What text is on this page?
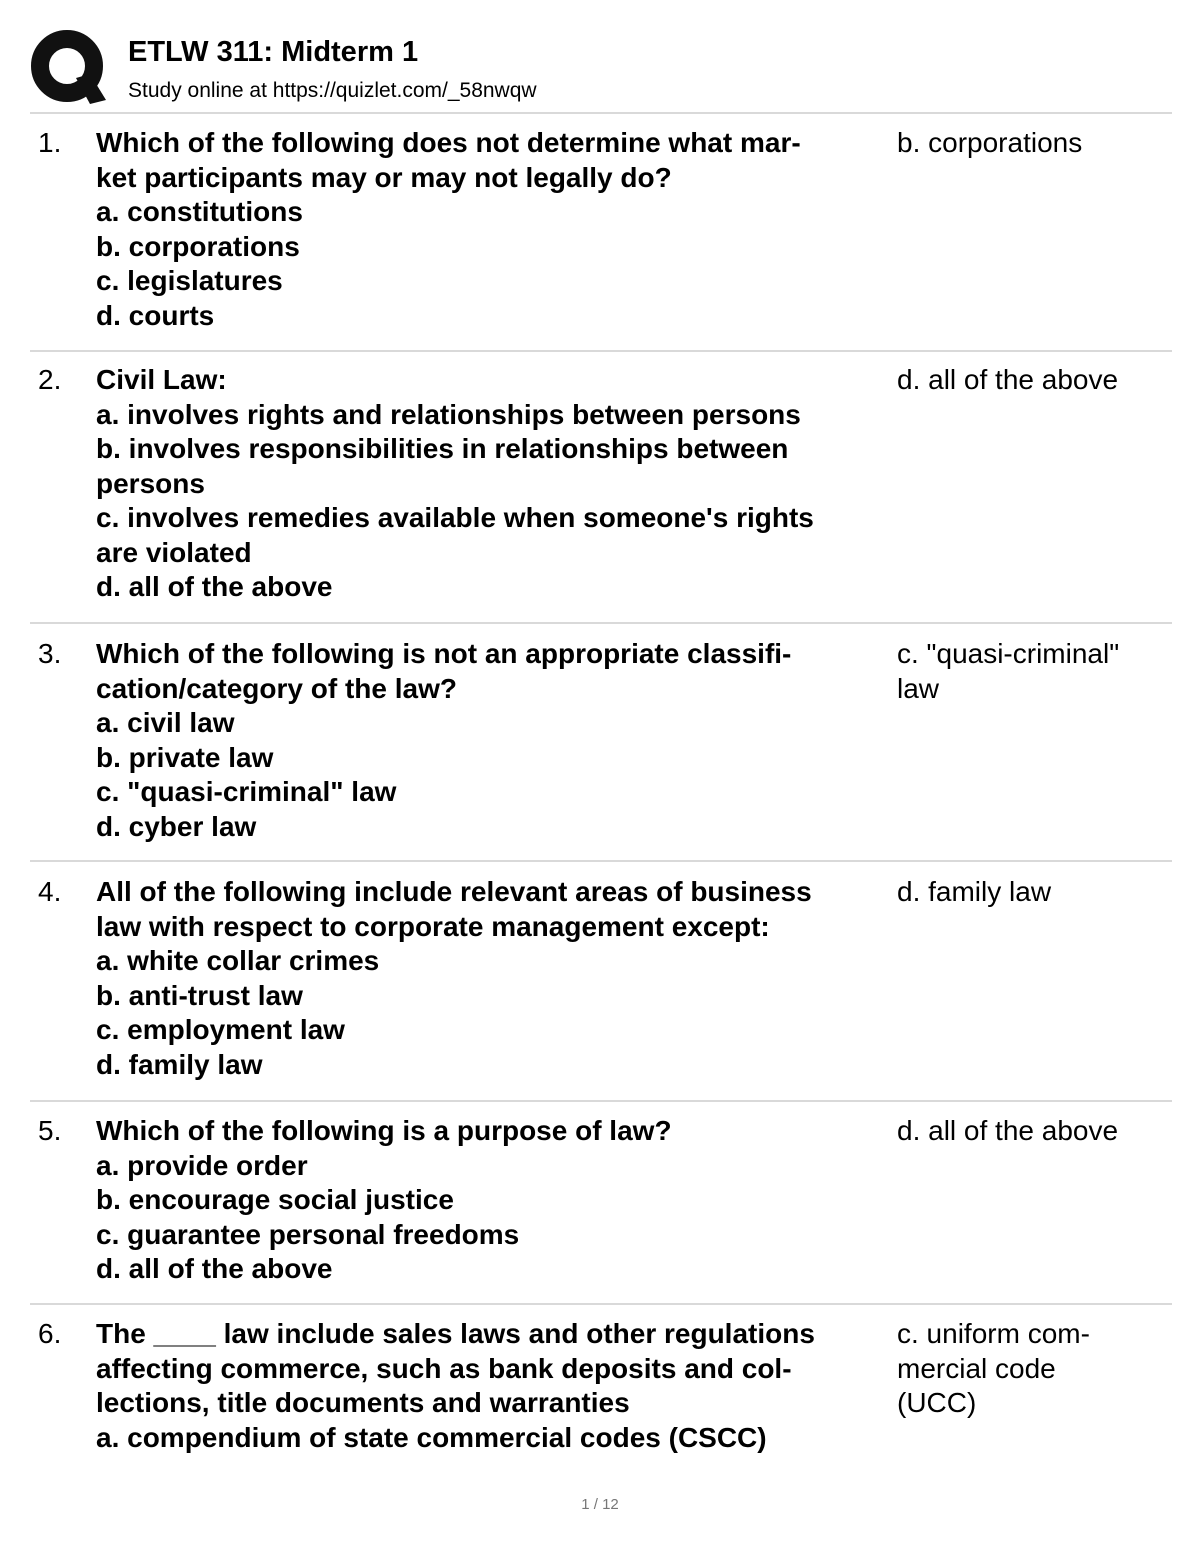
ETLW 311: Midterm 1
Study online at https://quizlet.com/_58nwqw
1. Which of the following does not determine what mar-
ket participants may or may not legally do?
a. constitutions
b. corporations
c. legislatures
d. courts
b. corporations
2. Civil Law:
a. involves rights and relationships between persons
b. involves responsibilities in relationships between
persons
c. involves remedies available when someone's rights
are violated
d. all of the above
d. all of the above
3. Which of the following is not an appropriate classifi-
cation/category of the law?
a. civil law
b. private law
c. "quasi-criminal" law
d. cyber law
c. "quasi-criminal"
law
4. All of the following include relevant areas of business
law with respect to corporate management except:
a. white collar crimes
b. anti-trust law
c. employment law
d. family law
d. family law
5. Which of the following is a purpose of law?
a. provide order
b. encourage social justice
c. guarantee personal freedoms
d. all of the above
d. all of the above
6. The ____ law include sales laws and other regulations
affecting commerce, such as bank deposits and col-
lections, title documents and warranties
a. compendium of state commercial codes (CSCC)
c. uniform com-
mercial code
(UCC)
1 / 12
